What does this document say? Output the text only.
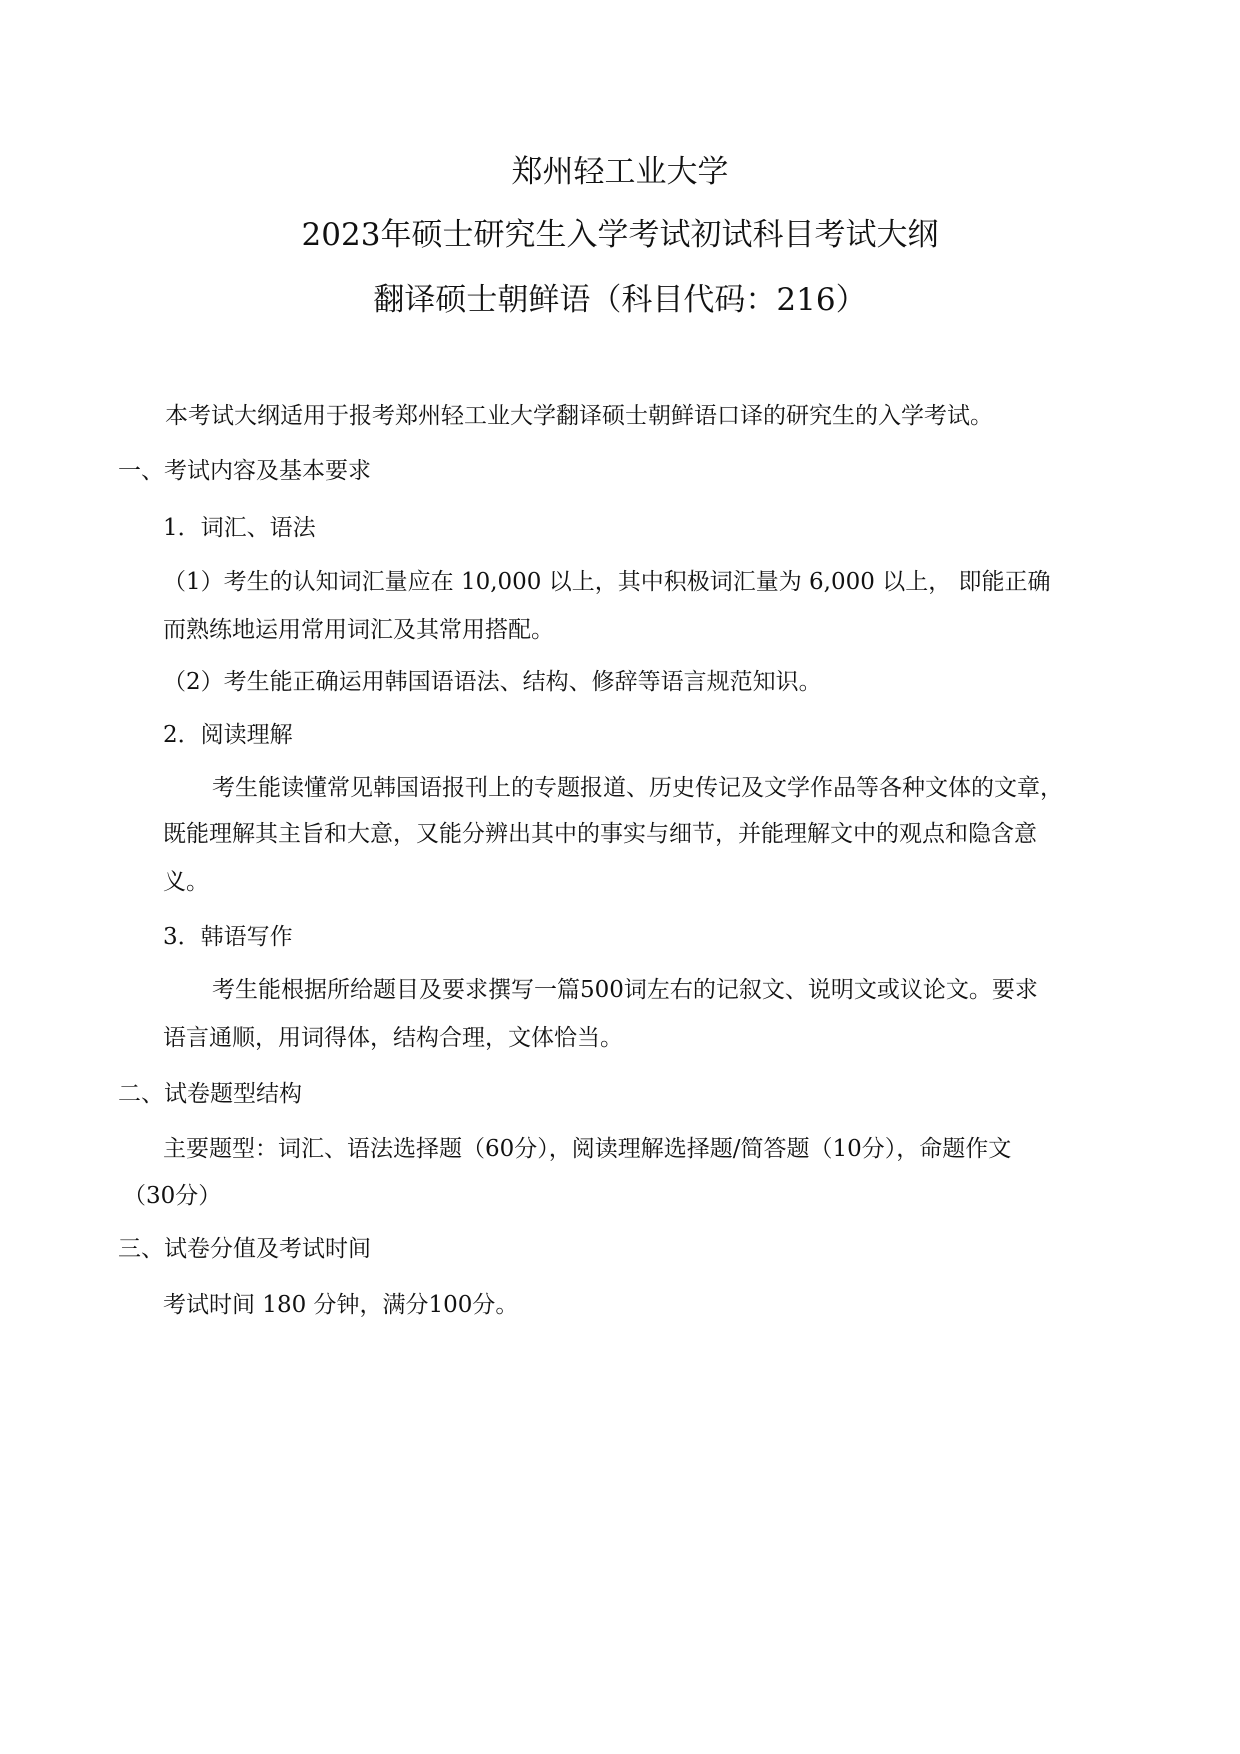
郑州轻工业大学
2023年硕士研究生入学考试初试科目考试大纲
翻译硕士朝鲜语（科目代码：216）
本考试大纲适用于报考郑州轻工业大学翻译硕士朝鲜语口译的研究生的入学考试。
一、考试内容及基本要求
1．词汇、语法
（1）考生的认知词汇量应在 10,000 以上，其中积极词汇量为 6,000 以上， 即能正确
而熟练地运用常用词汇及其常用搭配。
（2）考生能正确运用韩国语语法、结构、修辞等语言规范知识。
2．阅读理解
考生能读懂常见韩国语报刊上的专题报道、历史传记及文学作品等各种文体的文章，
既能理解其主旨和大意，又能分辨出其中的事实与细节，并能理解文中的观点和隐含意
义。
3．韩语写作
考生能根据所给题目及要求撰写一篇500词左右的记叙文、说明文或议论文。要求
语言通顺，用词得体，结构合理，文体恰当。
二、试卷题型结构
主要题型：词汇、语法选择题（60分），阅读理解选择题/简答题（10分），命题作文
（30分）
三、试卷分值及考试时间
考试时间 180 分钟，满分100分。
